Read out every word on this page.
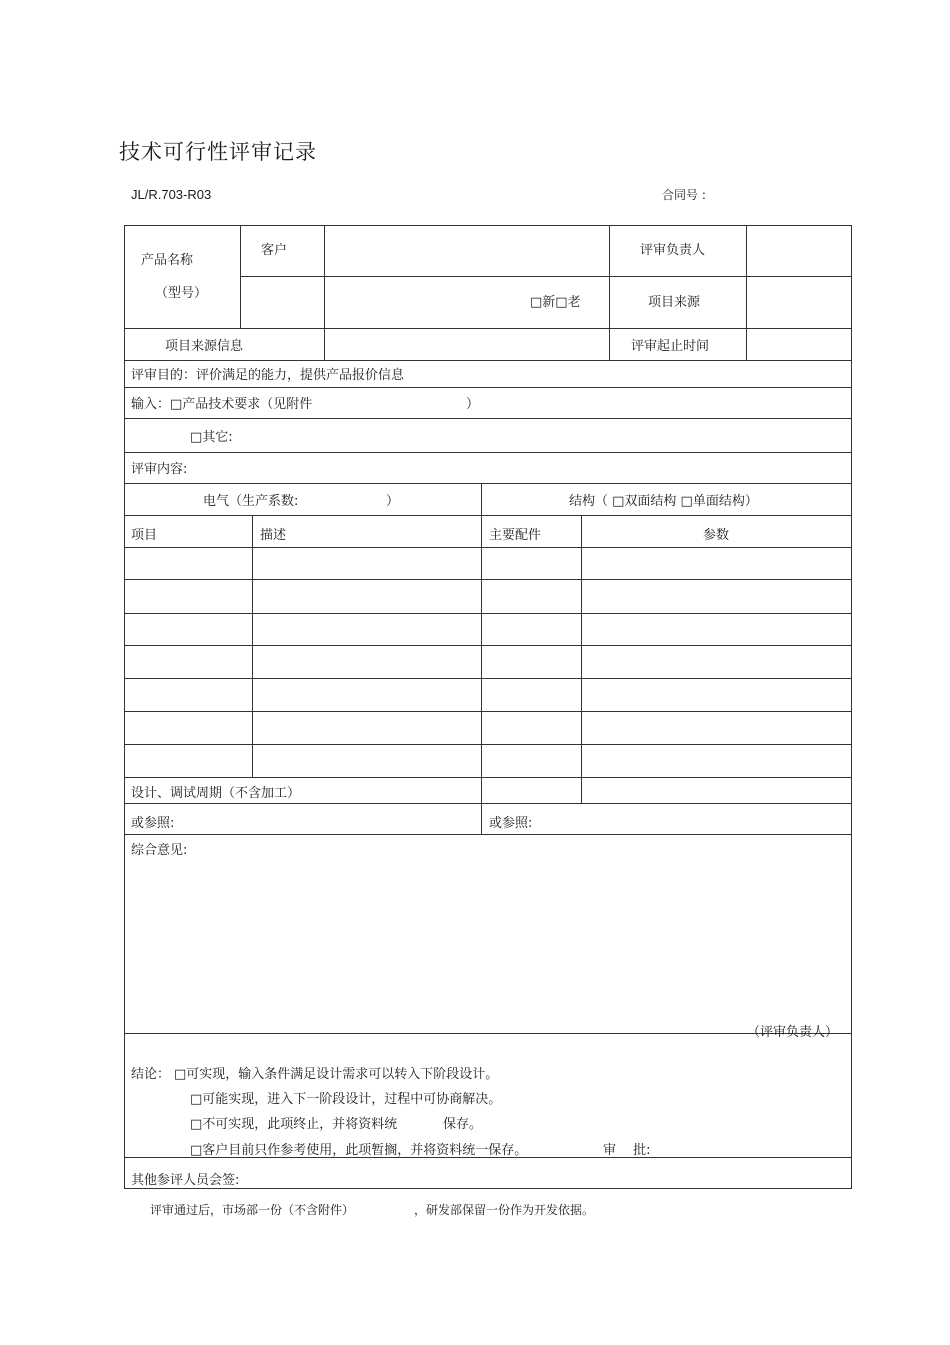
技术可行性评审记录
JL/R.703-R03	合同号 :
产品名称
（型号）
客户	评审负责人
□新□老	项目来源
项目来源信息	评审起止时间
评审目的：评价满足的能力，提供产品报价信息
输入：□产品技术要求（见附件	）
□其它:
评审内容:
电气（生产系数:	）	结构（ □双面结构 □单面结构）
项目	描述	主要配件	参数
设计、调试周期（不含加工）
或参照:	或参照:
综合意见:
（评审负责人）
结论： □可实现，输入条件满足设计需求可以转入下阶段设计。
□可能实现，进入下一阶段设计，过程中可协商解决。
□不可实现，此项终止，并将资料统	保存。
□客户目前只作参考使用，此项暂搁，并将资料统一保存。	审　 批:
其他参评人员会签:
评审通过后，市场部一份（不含附件）	，研发部保留一份作为开发依据。
